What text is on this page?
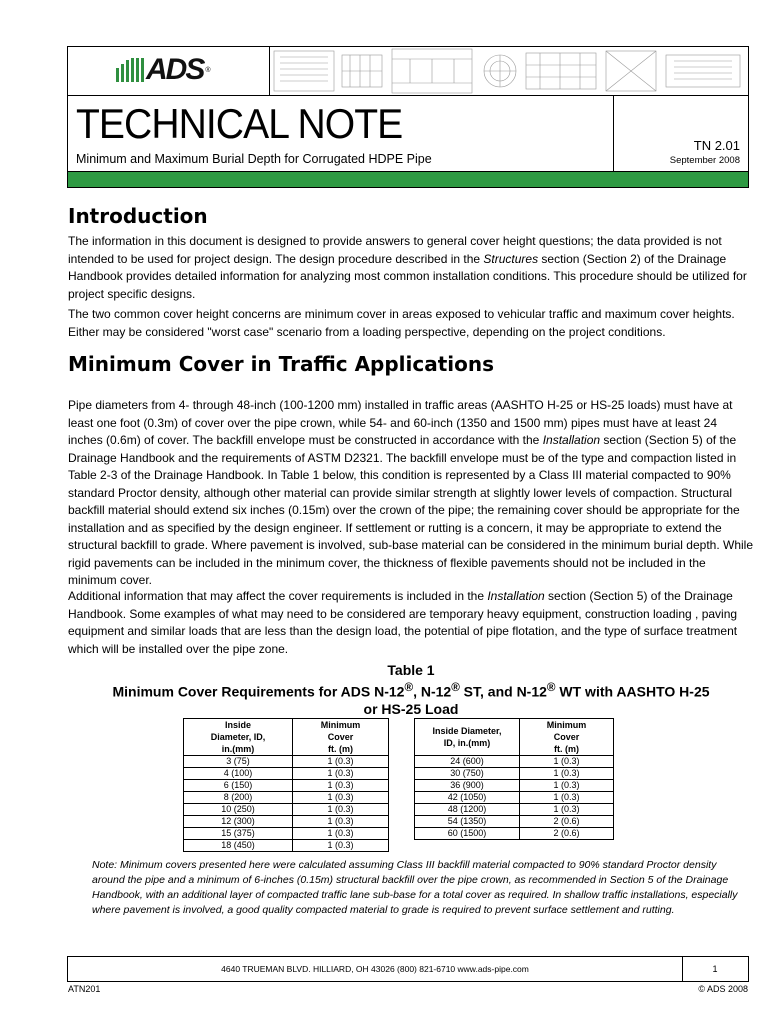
ADS ®
TECHNICAL NOTE
Minimum and Maximum Burial Depth for Corrugated HDPE Pipe
TN 2.01
September 2008
Introduction

The information in this document is designed to provide answers to general cover height questions; the data provided is not intended to be used for project design. The design procedure described in the Structures section (Section 2) of the Drainage Handbook provides detailed information for analyzing most common installation conditions. This procedure should be utilized for project specific designs.

The two common cover height concerns are minimum cover in areas exposed to vehicular traffic and maximum cover heights. Either may be considered "worst case" scenario from a loading perspective, depending on the project conditions.

Minimum Cover in Traffic Applications

Pipe diameters from 4- through 48-inch (100-1200 mm) installed in traffic areas (AASHTO H-25 or HS-25 loads) must have at least one foot (0.3m) of cover over the pipe crown, while 54- and 60-inch (1350 and 1500 mm) pipes must have at least 24 inches (0.6m) of cover. The backfill envelope must be constructed in accordance with the Installation section (Section 5) of the Drainage Handbook and the requirements of ASTM D2321. The backfill envelope must be of the type and compaction listed in Table 2-3 of the Drainage Handbook. In Table 1 below, this condition is represented by a Class III material compacted to 90% standard Proctor density, although other material can provide similar strength at slightly lower levels of compaction. Structural backfill material should extend six inches (0.15m) over the crown of the pipe; the remaining cover should be appropriate for the installation and as specified by the design engineer. If settlement or rutting is a concern, it may be appropriate to extend the structural backfill to grade. Where pavement is involved, sub-base material can be considered in the minimum burial depth. While rigid pavements can be included in the minimum cover, the thickness of flexible pavements should not be included in the minimum cover.

Additional information that may affect the cover requirements is included in the Installation section (Section 5) of the Drainage Handbook. Some examples of what may need to be considered are temporary heavy equipment, construction loading , paving equipment and similar loads that are less than the design load, the potential of pipe flotation, and the type of surface treatment which will be installed over the pipe zone.

Table 1
Minimum Cover Requirements for ADS N-12®, N-12® ST, and N-12® WT with AASHTO H-25
or HS-25 Load
Inside
Diameter, ID,
in.(mm)	Minimum
Cover
ft. (m)
3 (75)	1 (0.3)
4 (100)	1 (0.3)
6 (150)	1 (0.3)
8 (200)	1 (0.3)
10 (250)	1 (0.3)
12 (300)	1 (0.3)
15 (375)	1 (0.3)
18 (450)	1 (0.3)
Inside Diameter,
ID, in.(mm)	Minimum
Cover
ft. (m)
24 (600)	1 (0.3)
30 (750)	1 (0.3)
36 (900)	1 (0.3)
42 (1050)	1 (0.3)
48 (1200)	1 (0.3)
54 (1350)	2 (0.6)
60 (1500)	2 (0.6)

Note: Minimum covers presented here were calculated assuming Class III backfill material compacted to 90% standard Proctor density around the pipe and a minimum of 6-inches (0.15m) structural backfill over the pipe crown, as recommended in Section 5 of the Drainage Handbook, with an additional layer of compacted traffic lane sub-base for a total cover as required. In shallow traffic installations, especially where pavement is involved, a good quality compacted material to grade is required to prevent surface settlement and rutting.

4640 TRUEMAN BLVD. HILLIARD, OH 43026 (800) 821-6710 www.ads-pipe.com	1
ATN201	© ADS 2008
